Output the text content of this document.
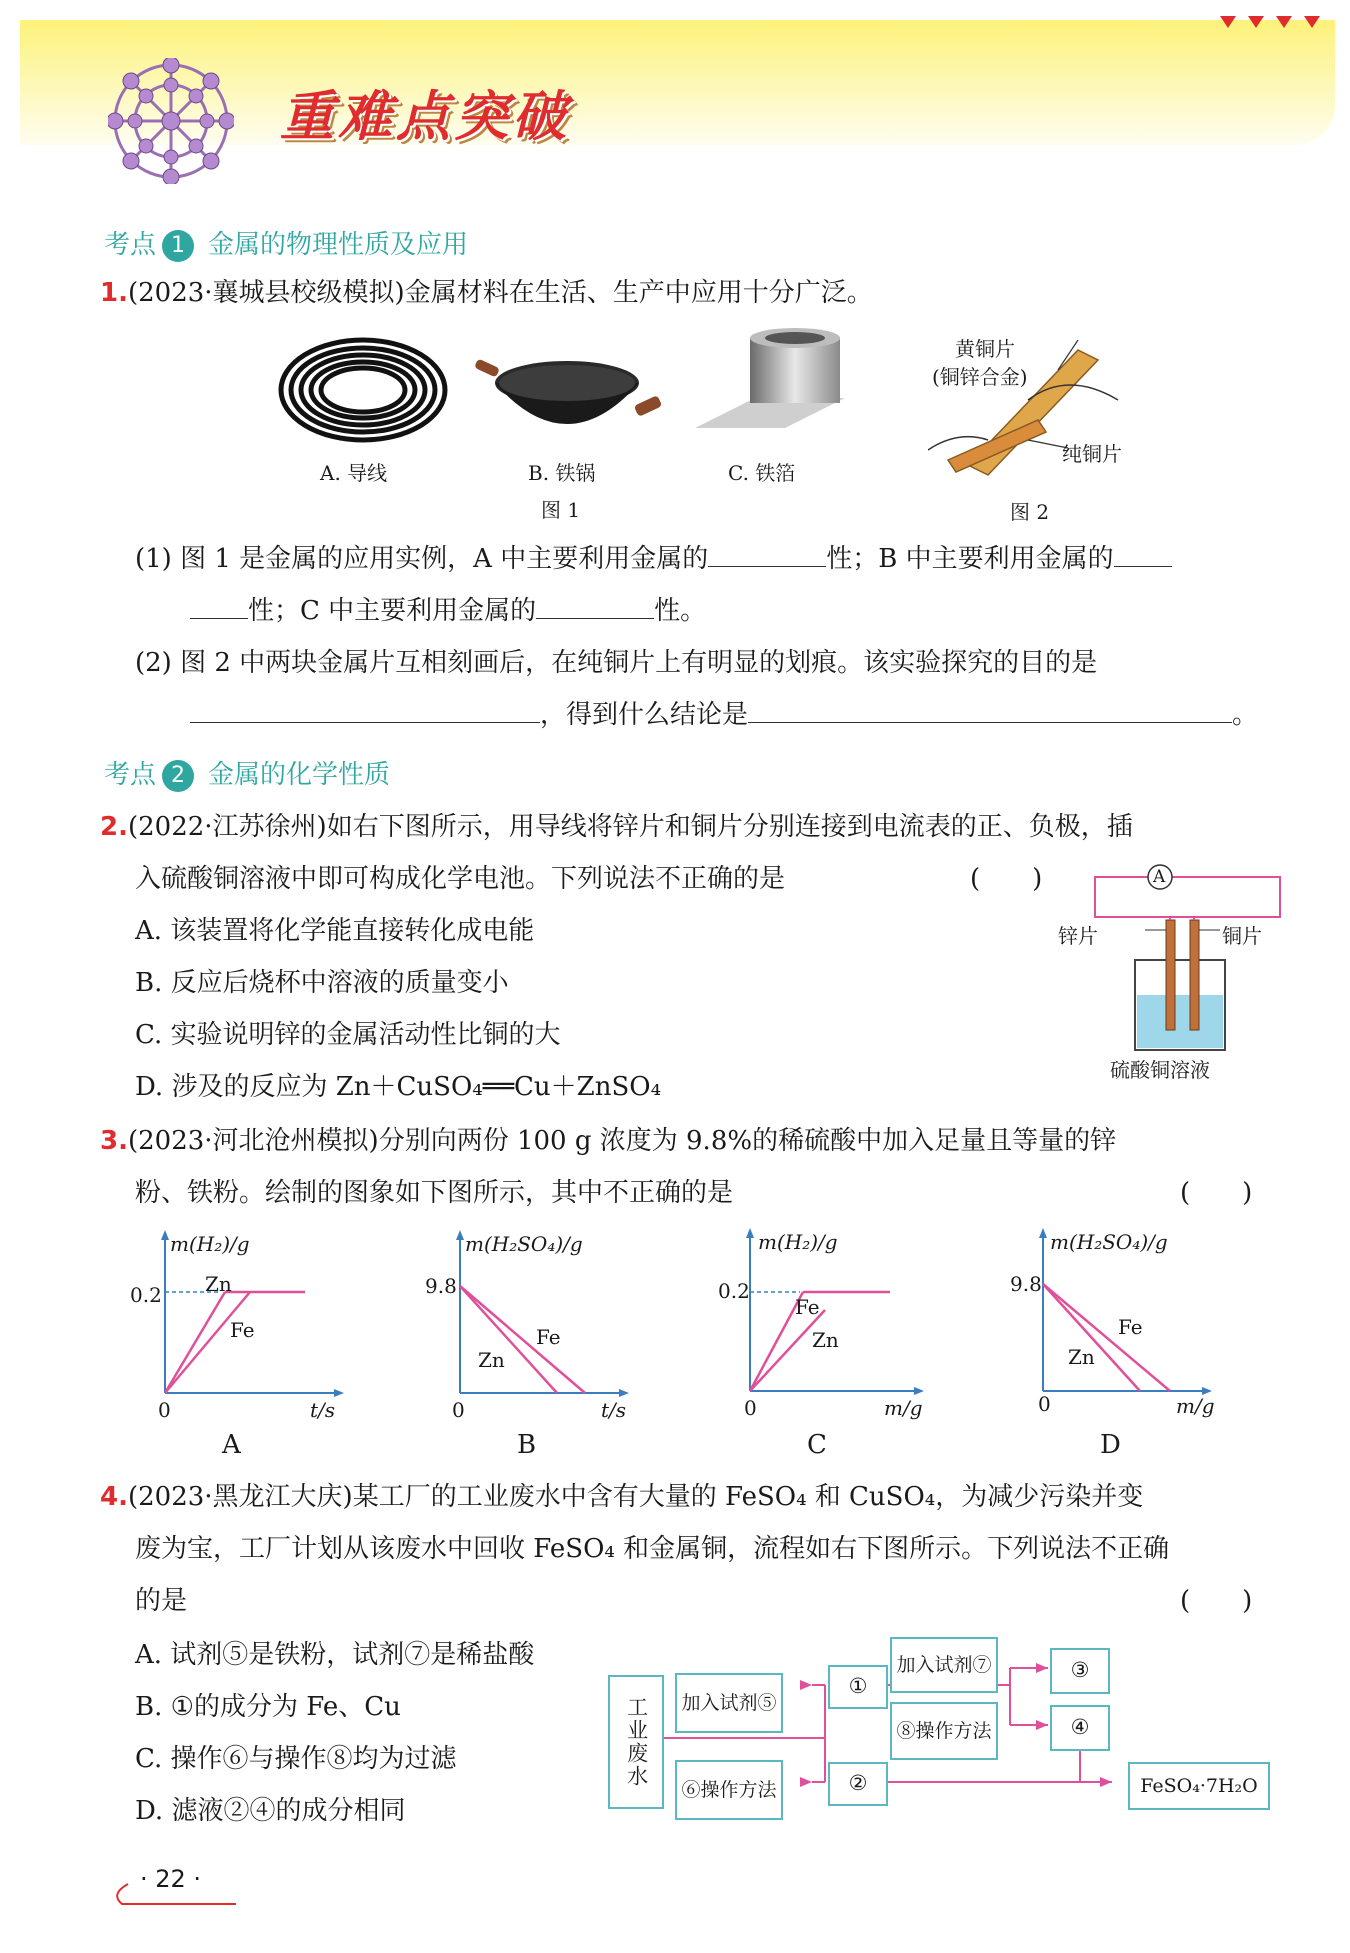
重难点突破
考点 1 金属的物理性质及应用
1.(2023·襄城县校级模拟)金属材料在生活、生产中应用十分广泛。
A. 导线	B. 铁锅	C. 铁箔
图 1
黄铜片
(铜锌合金)
纯铜片
图 2
(1) 图 1 是金属的应用实例，A 中主要利用金属的	性；B 中主要利用金属的
性；C 中主要利用金属的	性。
(2) 图 2 中两块金属片互相刻画后，在纯铜片上有明显的划痕。该实验探究的目的是
，得到什么结论是	。
考点 2 金属的化学性质
2.(2022·江苏徐州)如右下图所示，用导线将锌片和铜片分别连接到电流表的正、负极，插
入硫酸铜溶液中即可构成化学电池。下列说法不正确的是	(　　)
A. 该装置将化学能直接转化成电能
B. 反应后烧杯中溶液的质量变小
C. 实验说明锌的金属活动性比铜的大
D. 涉及的反应为 Zn＋CuSO₄══Cu＋ZnSO₄
A
锌片	铜片
硫酸铜溶液
3.(2023·河北沧州模拟)分别向两份 100 g 浓度为 9.8%的稀硫酸中加入足量且等量的锌
粉、铁粉。绘制的图象如下图所示，其中不正确的是	(　　)
m(H₂)/g
0.2 Zn
Fe
0	t/s
A
m(H₂SO₄)/g
9.8
Zn
Fe
0	t/s
B
m(H₂)/g
0.2
Fe
Zn
0	m/g
C
m(H₂SO₄)/g
9.8
Zn
Fe
0	m/g
D
4.(2023·黑龙江大庆)某工厂的工业废水中含有大量的 FeSO₄ 和 CuSO₄，为减少污染并变
废为宝，工厂计划从该废水中回收 FeSO₄ 和金属铜，流程如右下图所示。下列说法不正确
的是	(　　)
A. 试剂⑤是铁粉，试剂⑦是稀盐酸
B. ①的成分为 Fe、Cu
C. 操作⑥与操作⑧均为过滤
D. 滤液②④的成分相同
工业废水 加入试剂⑤
⑥操作方法
①
②
加入试剂⑦
⑧操作方法
③
④
FeSO₄·7H₂O
· 22 ·
